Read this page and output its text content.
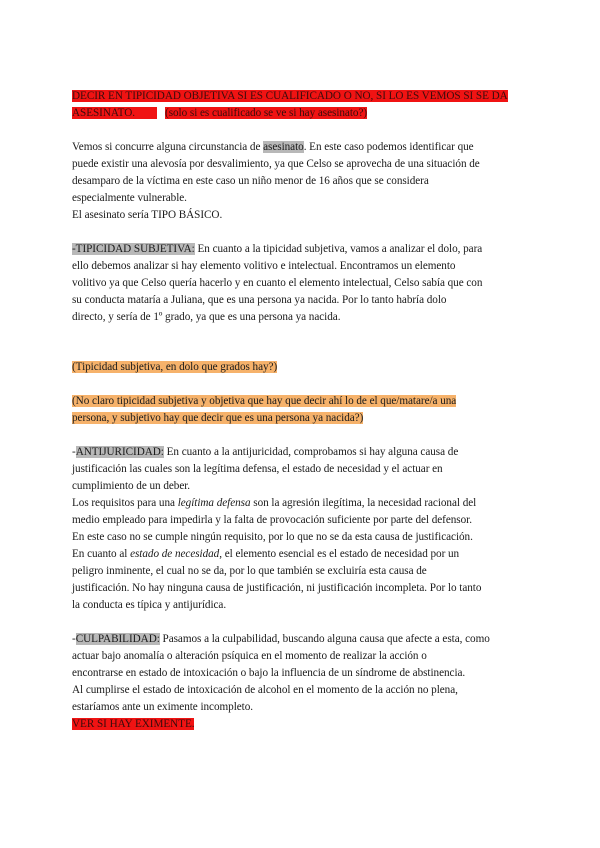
DECIR EN TIPICIDAD OBJETIVA SI ES CUALIFICADO O NO, SI LO ES VEMOS SI SE DA
ASESINATO.	(solo si es cualificado se ve si hay asesinato?)
Vemos si concurre alguna circunstancia de asesinato. En este caso podemos identificar que
puede existir una alevosía por desvalimiento, ya que Celso se aprovecha de una situación de
desamparo de la víctima en este caso un niño menor de 16 años que se considera
especialmente vulnerable.
El asesinato sería TIPO BÁSICO.
-TIPICIDAD SUBJETIVA: En cuanto a la tipicidad subjetiva, vamos a analizar el dolo, para
ello debemos analizar si hay elemento volitivo e intelectual. Encontramos un elemento
volitivo ya que Celso quería hacerlo y en cuanto el elemento intelectual, Celso sabía que con
su conducta mataría a Juliana, que es una persona ya nacida. Por lo tanto habría dolo
directo, y sería de 1º grado, ya que es una persona ya nacida.
(Tipicidad subjetiva, en dolo que grados hay?)
(No claro tipicidad subjetiva y objetiva que hay que decir ahí lo de el que/matare/a una
persona, y subjetivo hay que decir que es una persona ya nacida?)
-ANTIJURICIDAD: En cuanto a la antijuricidad, comprobamos si hay alguna causa de
justificación las cuales son la legítima defensa, el estado de necesidad y el actuar en
cumplimiento de un deber.
Los requisitos para una legítima defensa son la agresión ilegítima, la necesidad racional del
medio empleado para impedirla y la falta de provocación suficiente por parte del defensor.
En este caso no se cumple ningún requisito, por lo que no se da esta causa de justificación.
En cuanto al estado de necesidad, el elemento esencial es el estado de necesidad por un
peligro inminente, el cual no se da, por lo que también se excluiría esta causa de
justificación. No hay ninguna causa de justificación, ni justificación incompleta. Por lo tanto
la conducta es típica y antijurídica.
-CULPABILIDAD: Pasamos a la culpabilidad, buscando alguna causa que afecte a esta, como
actuar bajo anomalía o alteración psíquica en el momento de realizar la acción o
encontrarse en estado de intoxicación o bajo la influencia de un síndrome de abstinencia.
Al cumplirse el estado de intoxicación de alcohol en el momento de la acción no plena,
estaríamos ante un eximente incompleto.
VER SI HAY EXIMENTE.
